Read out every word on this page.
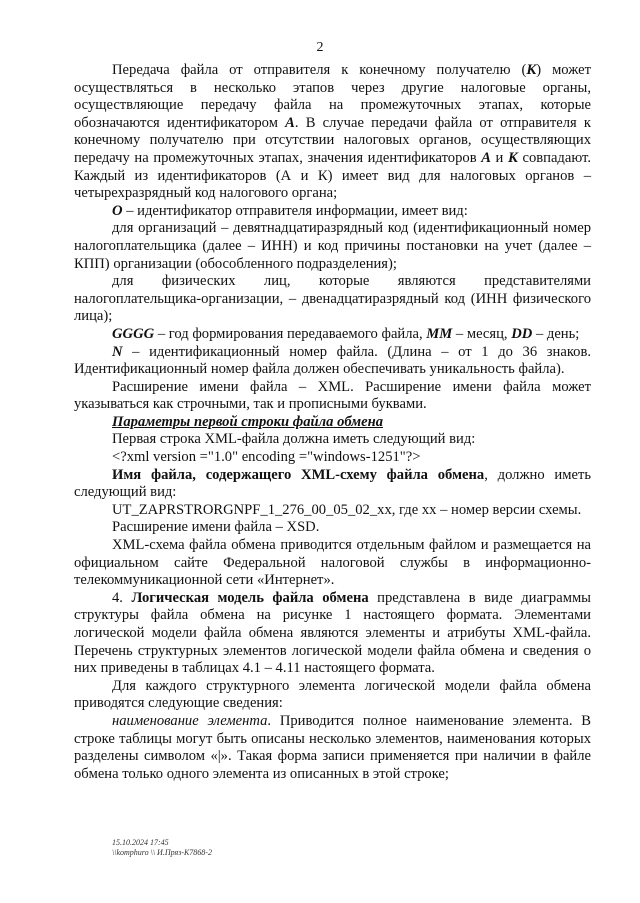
2

Передача файла от отправителя к конечному получателю (К) может осуществляться в несколько этапов через другие налоговые органы, осуществляющие передачу файла на промежуточных этапах, которые обозначаются идентификатором А. В случае передачи файла от отправителя к конечному получателю при отсутствии налоговых органов, осуществляющих передачу на промежуточных этапах, значения идентификаторов А и К совпадают. Каждый из идентификаторов (А и К) имеет вид для налоговых органов – четырехразрядный код налогового органа;

О – идентификатор отправителя информации, имеет вид:

для организаций – девятнадцатиразрядный код (идентификационный номер налогоплательщика (далее – ИНН) и код причины постановки на учет (далее – КПП) организации (обособленного подразделения);

для физических лиц, которые являются представителями налогоплательщика-организации, – двенадцатиразрядный код (ИНН физического лица);

GGGG – год формирования передаваемого файла, ММ – месяц, DD – день;

N – идентификационный номер файла. (Длина – от 1 до 36 знаков. Идентификационный номер файла должен обеспечивать уникальность файла).

Расширение имени файла – XML. Расширение имени файла может указываться как строчными, так и прописными буквами.

Параметры первой строки файла обмена

Первая строка XML-файла должна иметь следующий вид:

<?xml version ="1.0" encoding ="windows-1251"?>

Имя файла, содержащего XML-схему файла обмена, должно иметь следующий вид:

UT_ZAPRSTRORGNPF_1_276_00_05_02_xx, где хх – номер версии схемы.

Расширение имени файла – XSD.

XML-схема файла обмена приводится отдельным файлом и размещается на официальном сайте Федеральной налоговой службы в информационно-телекоммуникационной сети «Интернет».

4. Логическая модель файла обмена представлена в виде диаграммы структуры файла обмена на рисунке 1 настоящего формата. Элементами логической модели файла обмена являются элементы и атрибуты XML-файла. Перечень структурных элементов логической модели файла обмена и сведения о них приведены в таблицах 4.1 – 4.11 настоящего формата.

Для каждого структурного элемента логической модели файла обмена приводятся следующие сведения:

наименование элемента. Приводится полное наименование элемента. В строке таблицы могут быть описаны несколько элементов, наименования которых разделены символом «|». Такая форма записи применяется при наличии в файле обмена только одного элемента из описанных в этой строке;

15.10.2024 17:45
\\komphuro \\ И.Пряз-К7868-2
